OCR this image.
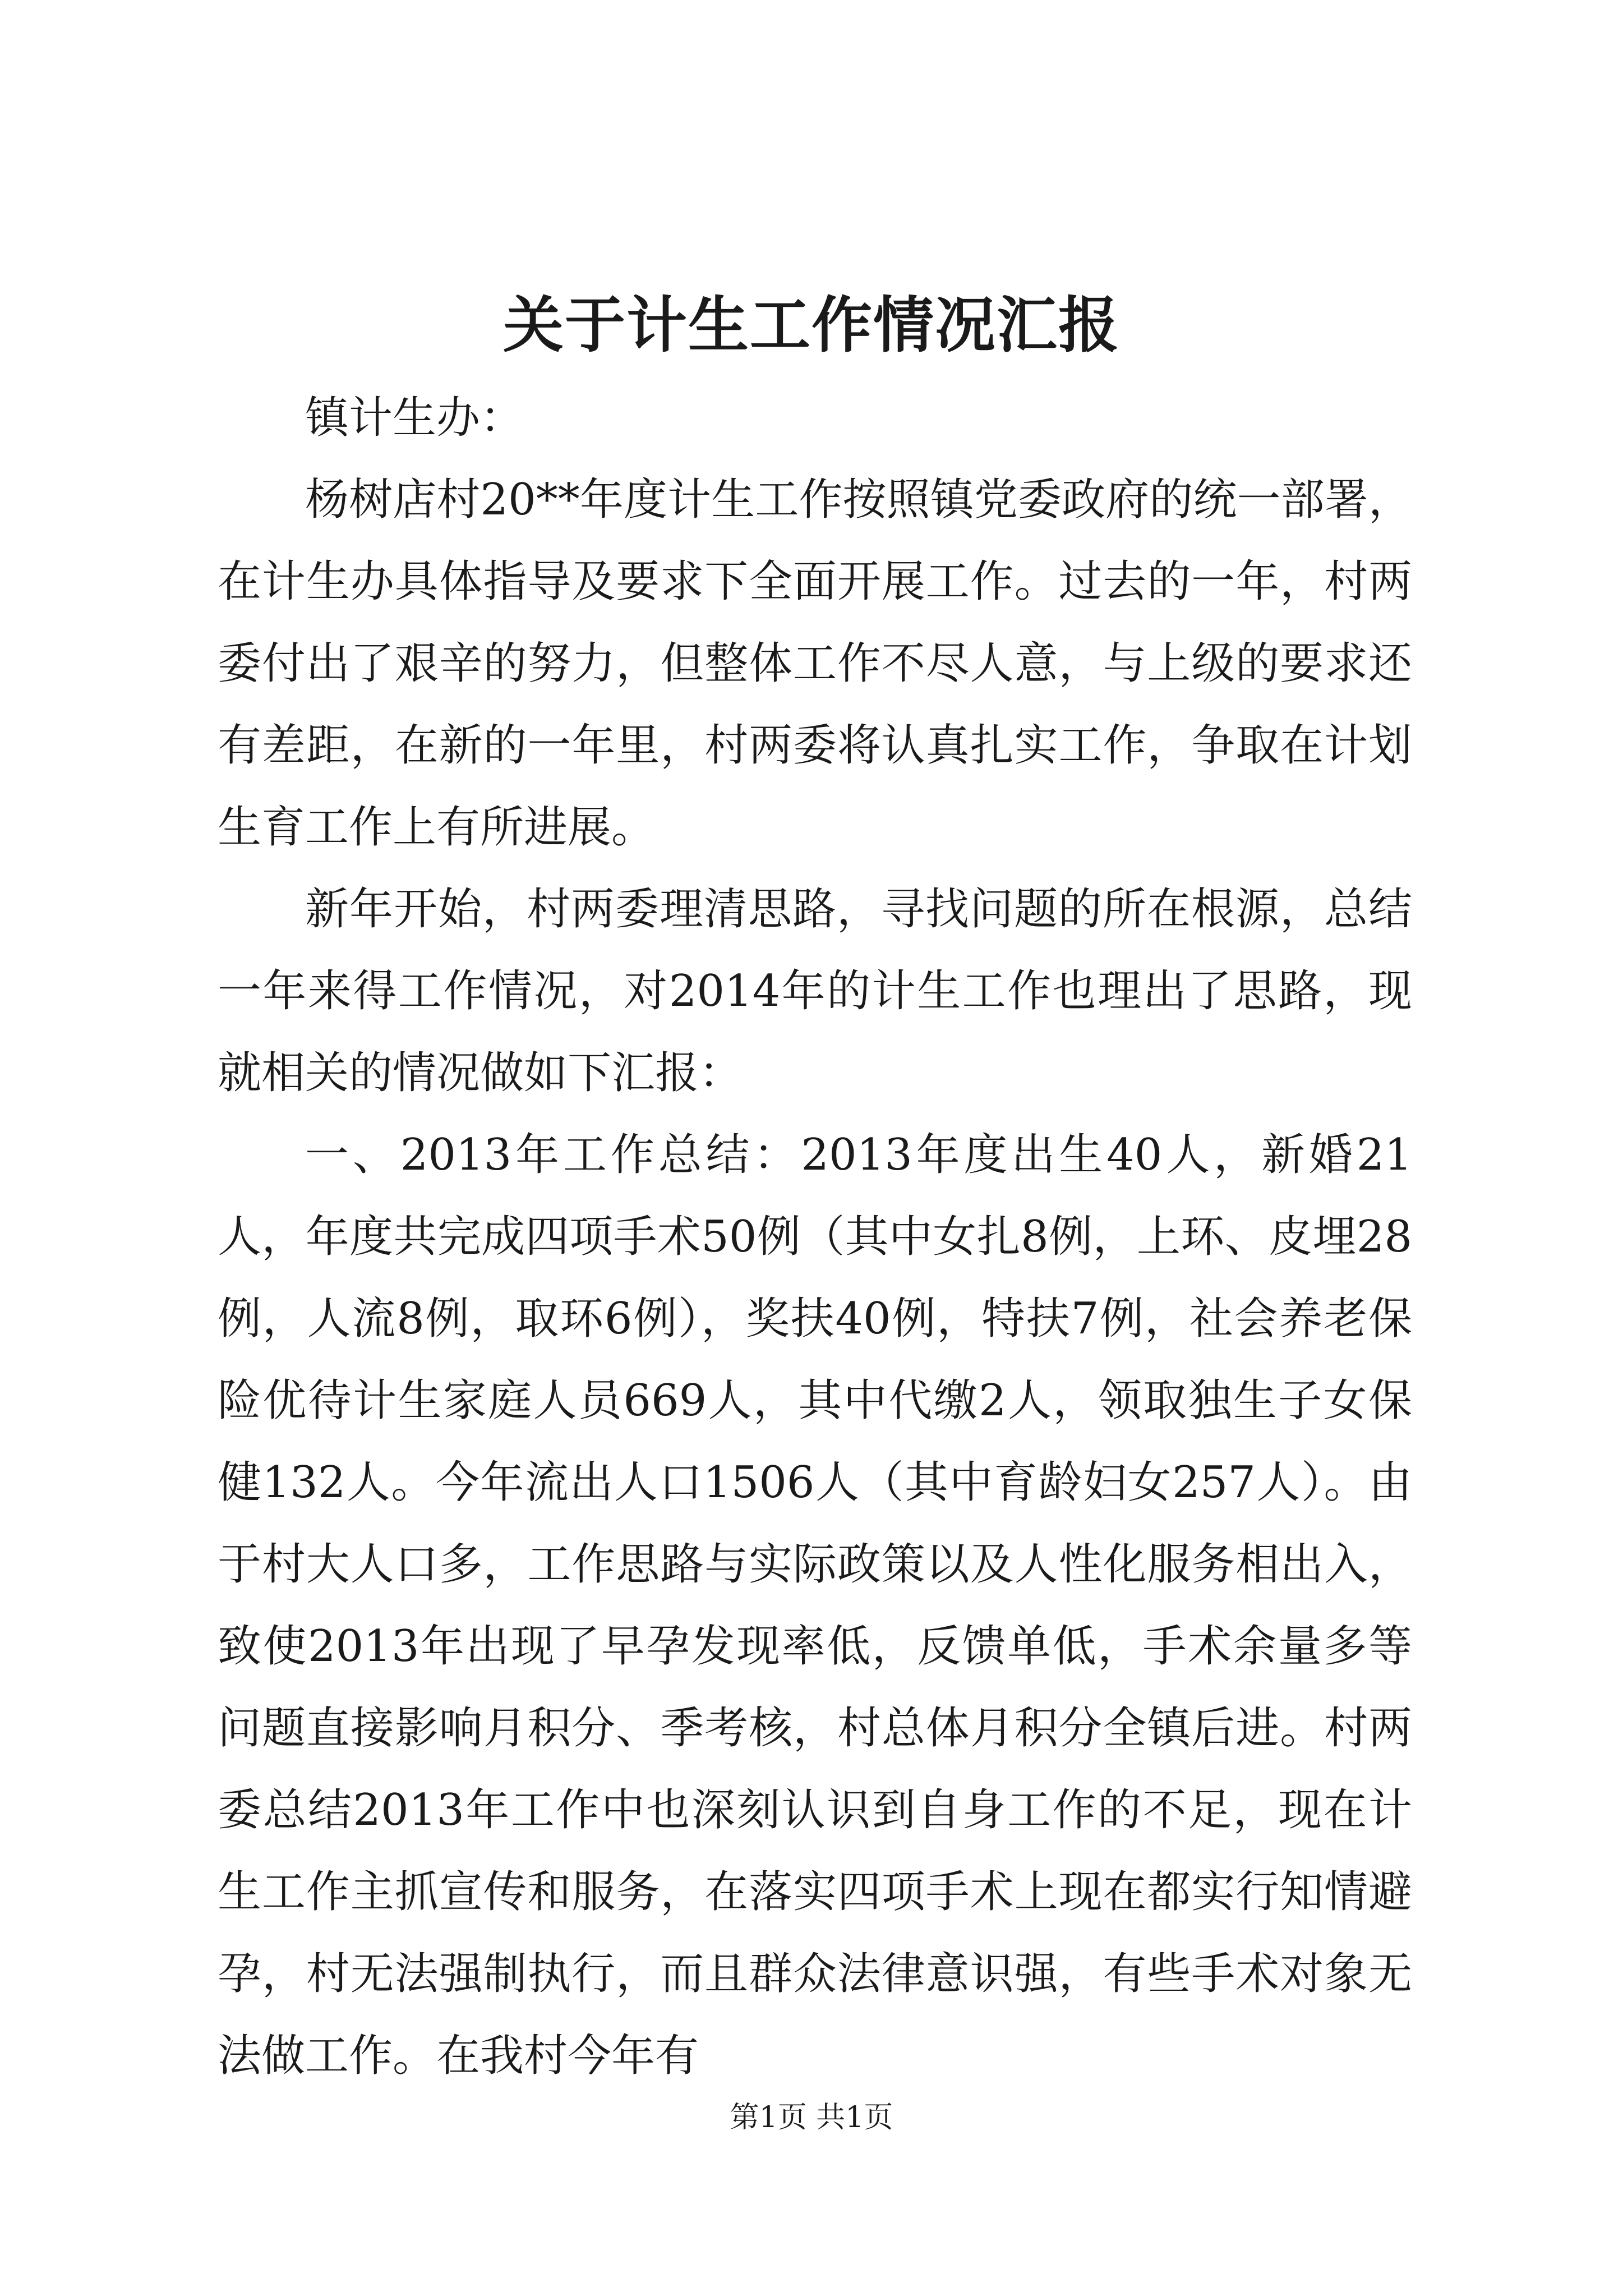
关于计生工作情况汇报

镇计生办：

杨树店村20**年度计生工作按照镇党委政府的统一部署，在计生办具体指导及要求下全面开展工作。过去的一年，村两委付出了艰辛的努力，但整体工作不尽人意，与上级的要求还有差距，在新的一年里，村两委将认真扎实工作，争取在计划生育工作上有所进展。

新年开始，村两委理清思路，寻找问题的所在根源，总结一年来得工作情况，对2014年的计生工作也理出了思路，现就相关的情况做如下汇报：

一、2013年工作总结：2013年度出生40人，新婚21人，年度共完成四项手术50例（其中女扎8例，上环、皮埋28例，人流8例，取环6例），奖扶40例，特扶7例，社会养老保险优待计生家庭人员669人，其中代缴2人，领取独生子女保健132人。今年流出人口1506人（其中育龄妇女257人）。由于村大人口多，工作思路与实际政策以及人性化服务相出入，致使2013年出现了早孕发现率低，反馈单低，手术余量多等问题直接影响月积分、季考核，村总体月积分全镇后进。村两委总结2013年工作中也深刻认识到自身工作的不足，现在计生工作主抓宣传和服务，在落实四项手术上现在都实行知情避孕，村无法强制执行，而且群众法律意识强，有些手术对象无法做工作。在我村今年有

第1页 共1页
